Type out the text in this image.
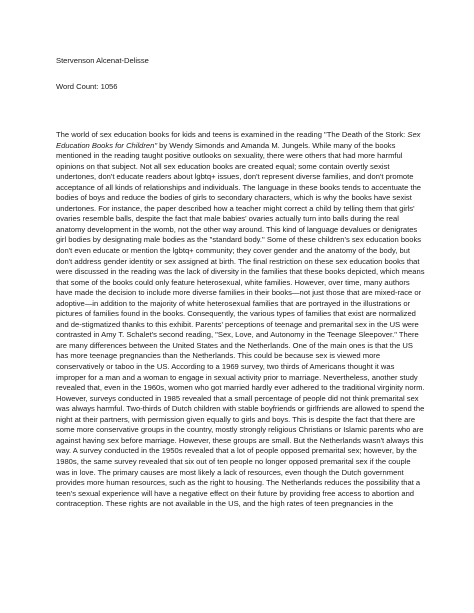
Stervenson Alcenat-Delisse

Word Count: 1056

The world of sex education books for kids and teens is examined in the reading "The Death of the Stork: Sex Education Books for Children" by Wendy Simonds and Amanda M. Jungels. While many of the books mentioned in the reading taught positive outlooks on sexuality, there were others that had more harmful opinions on that subject. Not all sex education books are created equal; some contain overtly sexist undertones, don't educate readers about lgbtq+ issues, don't represent diverse families, and don't promote acceptance of all kinds of relationships and individuals. The language in these books tends to accentuate the bodies of boys and reduce the bodies of girls to secondary characters, which is why the books have sexist undertones. For instance, the paper described how a teacher might correct a child by telling them that girls' ovaries resemble balls, despite the fact that male babies' ovaries actually turn into balls during the real anatomy development in the womb, not the other way around. This kind of language devalues or denigrates girl bodies by designating male bodies as the "standard body." Some of these children's sex education books don't even educate or mention the lgbtq+ community; they cover gender and the anatomy of the body, but don't address gender identity or sex assigned at birth. The final restriction on these sex education books that were discussed in the reading was the lack of diversity in the families that these books depicted, which means that some of the books could only feature heterosexual, white families. However, over time, many authors have made the decision to include more diverse families in their books—not just those that are mixed-race or adoptive—in addition to the majority of white heterosexual families that are portrayed in the illustrations or pictures of families found in the books. Consequently, the various types of families that exist are normalized and de-stigmatized thanks to this exhibit. Parents' perceptions of teenage and premarital sex in the US were contrasted in Amy T. Schalet's second reading, "Sex, Love, and Autonomy in the Teenage Sleepover." There are many differences between the United States and the Netherlands. One of the main ones is that the US has more teenage pregnancies than the Netherlands. This could be because sex is viewed more conservatively or taboo in the US. According to a 1969 survey, two thirds of Americans thought it was improper for a man and a woman to engage in sexual activity prior to marriage. Nevertheless, another study revealed that, even in the 1960s, women who got married hardly ever adhered to the traditional virginity norm. However, surveys conducted in 1985 revealed that a small percentage of people did not think premarital sex was always harmful. Two-thirds of Dutch children with stable boyfriends or girlfriends are allowed to spend the night at their partners, with permission given equally to girls and boys. This is despite the fact that there are some more conservative groups in the country, mostly strongly religious Christians or Islamic parents who are against having sex before marriage. However, these groups are small. But the Netherlands wasn't always this way. A survey conducted in the 1950s revealed that a lot of people opposed premarital sex; however, by the 1980s, the same survey revealed that six out of ten people no longer opposed premarital sex if the couple was in love. The primary causes are most likely a lack of resources, even though the Dutch government provides more human resources, such as the right to housing. The Netherlands reduces the possibility that a teen's sexual experience will have a negative effect on their future by providing free access to abortion and contraception. These rights are not available in the US, and the high rates of teen pregnancies in the
